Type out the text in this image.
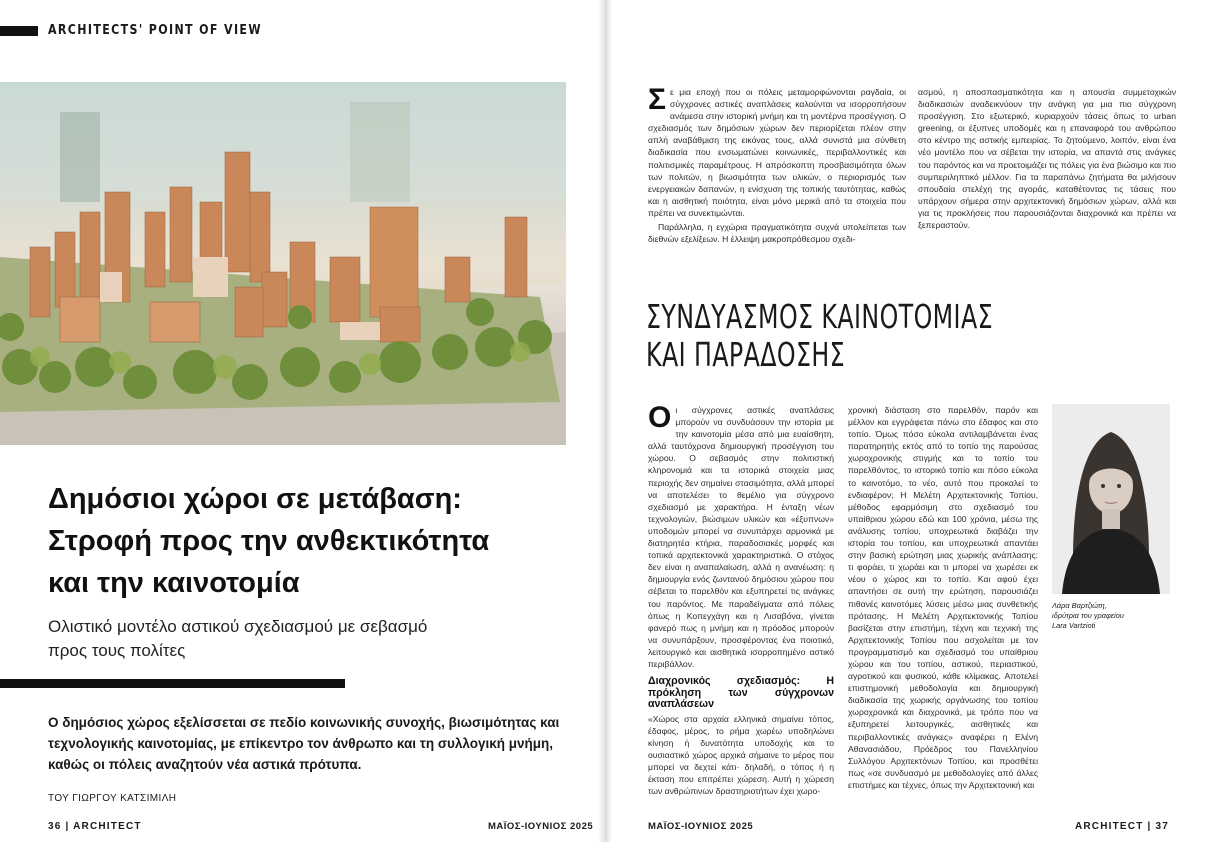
ARCHITECTS' POINT OF VIEW
Δημόσιοι χώροι σε μετάβαση:
Στροφή προς την ανθεκτικότητα
και την καινοτομία
Ολιστικό μοντέλο αστικού σχεδιασμού με σεβασμό
προς τους πολίτες
Ο δημόσιος χώρος εξελίσσεται σε πεδίο κοινωνικής συνοχής, βιωσιμότητας και τεχνολογικής καινοτομίας, με επίκεντρο τον άνθρωπο και τη συλλογική μνήμη, καθώς οι πόλεις αναζητούν νέα αστικά πρότυπα.
ΤΟΥ ΓΙΩΡΓΟΥ ΚΑΤΣΙΜΙΛΗ
36 | ARCHITECT	ΜΑΪΟΣ-ΙΟΥΝΙΟΣ 2025

Σε μια εποχή που οι πόλεις μεταμορφώνονται ραγδαία, οι σύγχρονες αστικές αναπλάσεις καλούνται να ισορροπήσουν ανάμεσα στην ιστορική μνήμη και τη μοντέρνα προσέγγιση. Ο σχεδιασμός των δημόσιων χώρων δεν περιορίζεται πλέον στην απλή αναβάθμιση της εικόνας τους, αλλά συνιστά μια σύνθετη διαδικασία που ενσωματώνει κοινωνικές, περιβαλλοντικές και πολιτισμικές παραμέτρους. Η απρόσκοπτη προσβασιμότητα όλων των πολιτών, η βιωσιμότητα των υλικών, ο περιορισμός των ενεργειακών δαπανών, η ενίσχυση της τοπικής ταυτότητας, καθώς και η αισθητική ποιότητα, είναι μόνο μερικά από τα στοιχεία που πρέπει να συνεκτιμώνται.

Παράλληλα, η εγχώρια πραγματικότητα συχνά υπολείπεται των διεθνών εξελίξεων. Η έλλειψη μακροπρόθεσμου σχεδι-

ασμού, η αποσπασματικότητα και η απουσία συμμετοχικών διαδικασιών αναδεικνύουν την ανάγκη για μια πιο σύγχρονη προσέγγιση. Στο εξωτερικό, κυριαρχούν τάσεις όπως το urban greening, οι έξυπνες υποδομές και η επαναφορά του ανθρώπου στο κέντρο της αστικής εμπειρίας. Το ζητούμενο, λοιπόν, είναι ένα νέο μοντέλο που να σέβεται την ιστορία, να απαντά στις ανάγκες του παρόντος και να προετοιμάζει τις πόλεις για ένα βιώσιμο και πιο συμπεριληπτικό μέλλον. Για τα παραπάνω ζητήματα θα μιλήσουν σπουδαία στελέχη της αγοράς, καταθέτοντας τις τάσεις που υπάρχουν σήμερα στην αρχιτεκτονική δημόσιων χώρων, αλλά και για τις προκλήσεις που παρουσιάζονται διαχρονικά και πρέπει να ξεπεραστούν.

ΣΥΝΔΥΑΣΜΟΣ ΚΑΙΝΟΤΟΜΙΑΣ
ΚΑΙ ΠΑΡΑΔΟΣΗΣ

Οι σύγχρονες αστικές αναπλάσεις μπορούν να συνδυάσουν την ιστορία με την καινοτομία μέσα από μια ευαίσθητη, αλλά ταυτόχρονα δημιουργική προσέγγιση του χώρου. Ο σεβασμός στην πολιτιστική κληρονομιά και τα ιστορικά στοιχεία μιας περιοχής δεν σημαίνει στασιμότητα, αλλά μπορεί να αποτελέσει το θεμέλιο για σύγχρονο σχεδιασμό με χαρακτήρα. Η ένταξη νέων τεχνολογιών, βιώσιμων υλικών και «έξυπνων» υποδομών μπορεί να συνυπάρχει αρμονικά με διατηρητέα κτήρια, παραδοσιακές μορφές και τοπικά αρχιτεκτονικά χαρακτηριστικά. Ο στόχος δεν είναι η αναπαλαίωση, αλλά η ανανέωση: η δημιουργία ενός ζωντανού δημόσιου χώρου που σέβεται το παρελθόν και εξυπηρετεί τις ανάγκες του παρόντος. Με παραδείγματα από πόλεις όπως η Κοπεγχάγη και η Λισαβόνα, γίνεται φανερό πως η μνήμη και η πρόοδος μπορούν να συνυπάρξουν, προσφέροντας ένα ποιοτικό, λειτουργικό και αισθητικά ισορροπημένο αστικό περιβάλλον.

Διαχρονικός σχεδιασμός: Η πρόκληση των σύγχρονων αναπλάσεων

«Χώρος στα αρχαία ελληνικά σημαίνει τόπος, έδαφος, μέρος, το ρήμα χωρέω υποδηλώνει κίνηση ή δυνατότητα υποδοχής και το ουσιαστικό χώρος αρχικά σήμαινε το μέρος που μπορεί να δεχτεί κάτι· δηλαδή, ο τόπος ή η έκταση που επιτρέπει χώρεση. Αυτή η χώρεση των ανθρώπινων δραστηριοτήτων έχει χωρο-

χρονική διάσταση στο παρελθόν, παρόν και μέλλον και εγγράφεται πάνω στο έδαφος και στο τοπίο. Όμως πόσο εύκολα αντιλαμβάνεται ένας παρατηρητής εκτός από το τοπίο της παρούσας χωροχρονικής στιγμής και το τοπίο του παρελθόντος, το ιστορικό τοπίο και πόσο εύκολα το καινοτόμο, το νέο, αυτό που προκαλεί το ενδιαφέρον; Η Μελέτη Αρχιτεκτονικής Τοπίου, μέθοδος εφαρμόσιμη στο σχεδιασμό του υπαίθριου χώρου εδώ και 100 χρόνια, μέσω της ανάλυσης τοπίου, υποχρεωτικά διαβάζει την ιστορία του τοπίου, και υποχρεωτικά απαντάει στην βασική ερώτηση μιας χωρικής ανάπλασης: τι φοράει, τι χωράει και τι μπορεί να χωρέσει εκ νέου ο χώρος και το τοπίο. Και αφού έχει απαντήσει σε αυτή την ερώτηση, παρουσιάζει πιθανές καινοτόμες λύσεις μέσω μιας συνθετικής πρότασης. Η Μελέτη Αρχιτεκτονικής Τοπίου βασίζεται στην επιστήμη, τέχνη και τεχνική της Αρχιτεκτονικής Τοπίου που ασχολείται με τον προγραμματισμό και σχεδιασμό του υπαίθριου χώρου και του τοπίου, αστικού, περιαστικού, αγροτικού και φυσικού, κάθε κλίμακας. Αποτελεί επιστημονική μεθοδολογία και δημιουργική διαδικασία της χωρικής οργάνωσης του τοπίου χωροχρονικά και διαχρονικά, με τρόπο που να εξυπηρετεί λειτουργικές, αισθητικές και περιβαλλοντικές ανάγκες» αναφέρει η Ελένη Αθανασιάδου, Πρόεδρος του Πανελληνίου Συλλόγου Αρχιτεκτόνων Τοπίου, και προσθέτει πως «σε συνδυασμό με μεθοδολογίες από άλλες επιστήμες και τέχνες, όπως την Αρχιτεκτονική και

Λάρα Βαρτζιώτη,
ιδρύτρια του γραφείου
Lara Vartzioti
ΜΑΪΟΣ-ΙΟΥΝΙΟΣ 2025	ARCHITECT | 37
